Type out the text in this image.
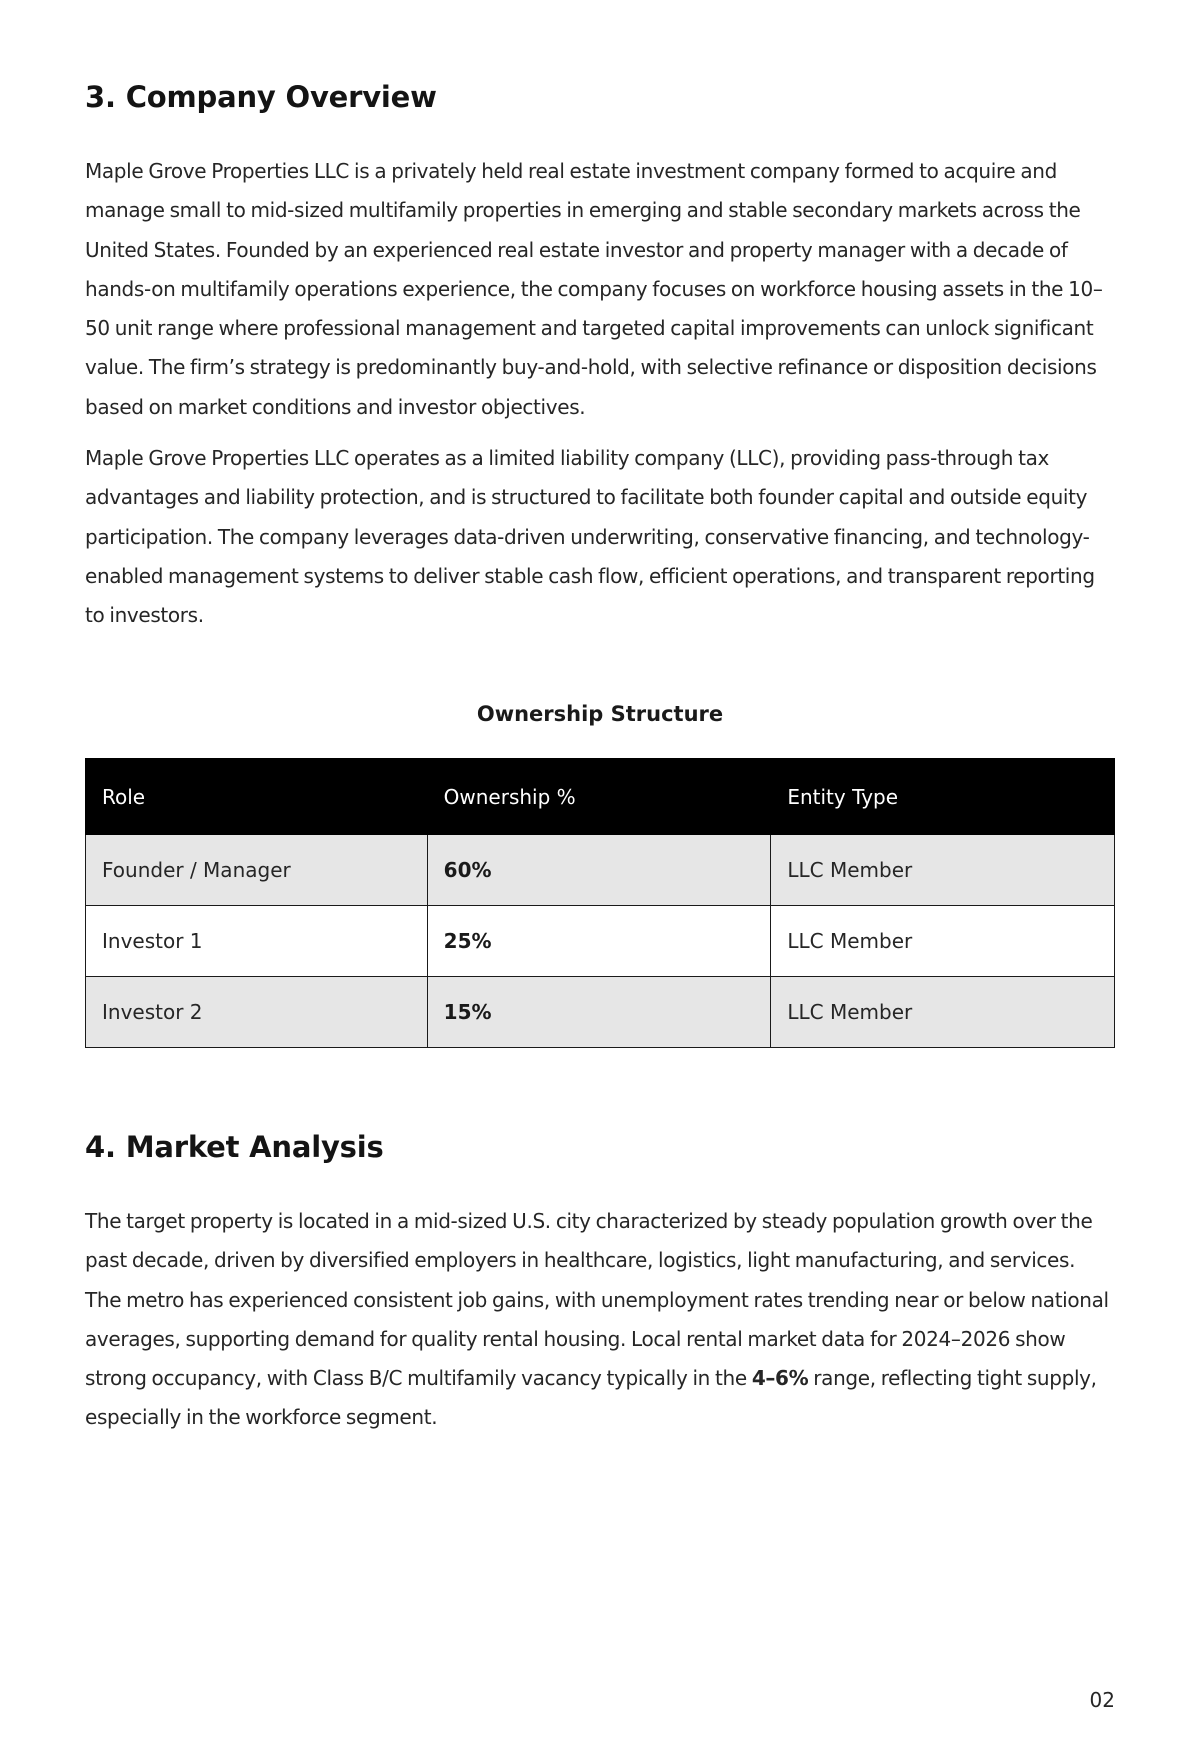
3. Company Overview

Maple Grove Properties LLC is a privately held real estate investment company formed to acquire and manage small to mid-sized multifamily properties in emerging and stable secondary markets across the United States. Founded by an experienced real estate investor and property manager with a decade of hands-on multifamily operations experience, the company focuses on workforce housing assets in the 10–50 unit range where professional management and targeted capital improvements can unlock significant value. The firm’s strategy is predominantly buy-and-hold, with selective refinance or disposition decisions based on market conditions and investor objectives.

Maple Grove Properties LLC operates as a limited liability company (LLC), providing pass-through tax advantages and liability protection, and is structured to facilitate both founder capital and outside equity participation. The company leverages data-driven underwriting, conservative financing, and technology-enabled management systems to deliver stable cash flow, efficient operations, and transparent reporting to investors.

Ownership Structure
Role	Ownership %	Entity Type
Founder / Manager	60%	LLC Member
Investor 1	25%	LLC Member
Investor 2	15%	LLC Member
4. Market Analysis

The target property is located in a mid-sized U.S. city characterized by steady population growth over the past decade, driven by diversified employers in healthcare, logistics, light manufacturing, and services. The metro has experienced consistent job gains, with unemployment rates trending near or below national averages, supporting demand for quality rental housing. Local rental market data for 2024–2026 show strong occupancy, with Class B/C multifamily vacancy typically in the 4–6% range, reflecting tight supply, especially in the workforce segment.

02
